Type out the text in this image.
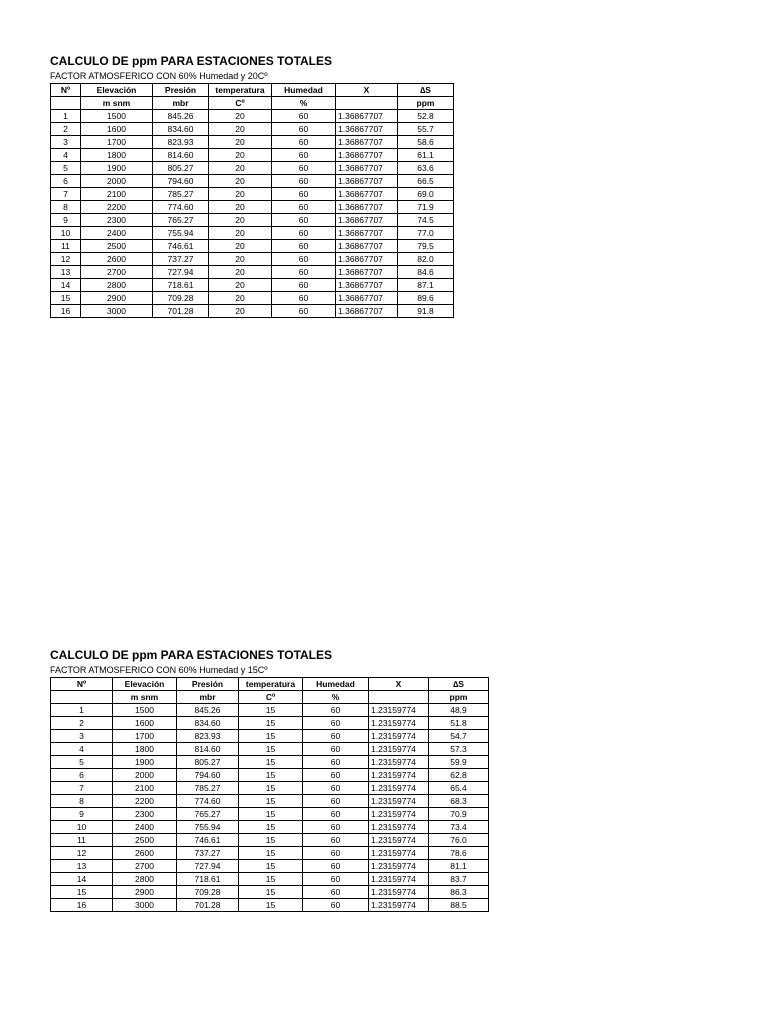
CALCULO DE ppm PARA ESTACIONES TOTALES
FACTOR ATMOSFERICO CON 60% Humedad y 20Cº
Nº	Elevación	Presión	temperatura	Humedad	X	∆S
	m snm	mbr	Cº	%		ppm
1	1500	845.26	20	60	1.36867707	52.8
2	1600	834.60	20	60	1.36867707	55.7
3	1700	823.93	20	60	1.36867707	58.6
4	1800	814.60	20	60	1.36867707	61.1
5	1900	805.27	20	60	1.36867707	63.6
6	2000	794.60	20	60	1.36867707	66.5
7	2100	785.27	20	60	1.36867707	69.0
8	2200	774.60	20	60	1.36867707	71.9
9	2300	765.27	20	60	1.36867707	74.5
10	2400	755.94	20	60	1.36867707	77.0
11	2500	746.61	20	60	1.36867707	79.5
12	2600	737.27	20	60	1.36867707	82.0
13	2700	727.94	20	60	1.36867707	84.6
14	2800	718.61	20	60	1.36867707	87.1
15	2900	709.28	20	60	1.36867707	89.6
16	3000	701.28	20	60	1.36867707	91.8
CALCULO DE ppm PARA ESTACIONES TOTALES
FACTOR ATMOSFERICO CON 60% Humedad y 15Cº
Nº	Elevación	Presión	temperatura	Humedad	X	∆S
	m snm	mbr	Cº	%		ppm
1	1500	845.26	15	60	1.23159774	48.9
2	1600	834.60	15	60	1.23159774	51.8
3	1700	823.93	15	60	1.23159774	54.7
4	1800	814.60	15	60	1.23159774	57.3
5	1900	805.27	15	60	1.23159774	59.9
6	2000	794.60	15	60	1.23159774	62.8
7	2100	785.27	15	60	1.23159774	65.4
8	2200	774.60	15	60	1.23159774	68.3
9	2300	765.27	15	60	1.23159774	70.9
10	2400	755.94	15	60	1.23159774	73.4
11	2500	746.61	15	60	1.23159774	76.0
12	2600	737.27	15	60	1.23159774	78.6
13	2700	727.94	15	60	1.23159774	81.1
14	2800	718.61	15	60	1.23159774	83.7
15	2900	709.28	15	60	1.23159774	86.3
16	3000	701.28	15	60	1.23159774	88.5
